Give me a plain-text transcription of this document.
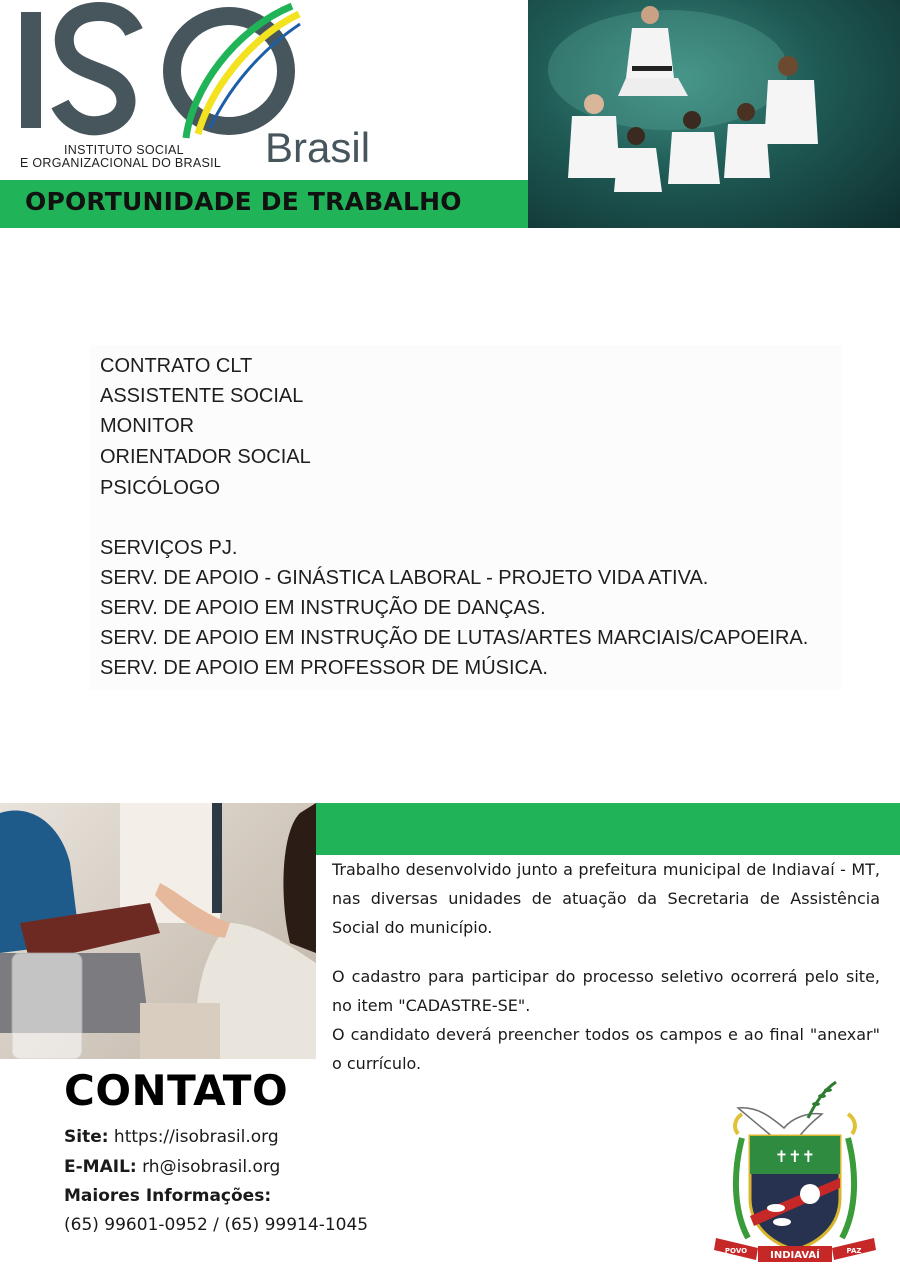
INSTITUTO SOCIAL
E ORGANIZACIONAL DO BRASIL Brasil
OPORTUNIDADE DE TRABALHO
CONTRATO CLT
ASSISTENTE SOCIAL
MONITOR
ORIENTADOR SOCIAL
PSICÓLOGO
SERVIÇOS PJ.
SERV. DE APOIO - GINÁSTICA LABORAL - PROJETO VIDA ATIVA.
SERV. DE APOIO EM INSTRUÇÃO DE DANÇAS.
SERV. DE APOIO EM INSTRUÇÃO DE LUTAS/ARTES MARCIAIS/CAPOEIRA.
SERV. DE APOIO EM PROFESSOR DE MÚSICA.

Trabalho desenvolvido junto a prefeitura municipal de Indiavaí - MT, nas diversas unidades de atuação da Secretaria de Assistência Social do município.

O cadastro para participar do processo seletivo ocorrerá pelo site, no item "CADASTRE-SE".

O candidato deverá preencher todos os campos e ao final "anexar" o currículo.

CONTATO
Site: https://isobrasil.org
E-MAIL: rh@isobrasil.org
Maiores Informações:
(65) 99601-0952 / (65) 99914-1045
✝✝✝
POVO INDIAVAÍ	PAZ
